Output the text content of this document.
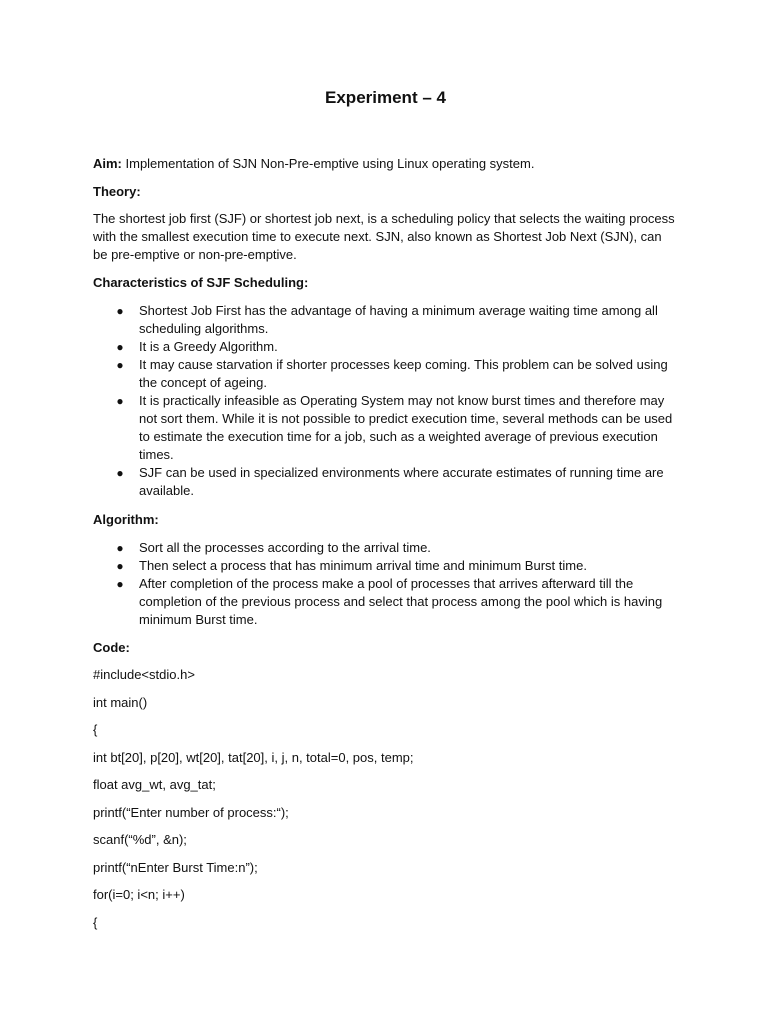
Experiment – 4

Aim: Implementation of SJN Non-Pre-emptive using Linux operating system.

Theory:

The shortest job first (SJF) or shortest job next, is a scheduling policy that selects the waiting process with the smallest execution time to execute next. SJN, also known as Shortest Job Next (SJN), can be pre-emptive or non-pre-emptive.

Characteristics of SJF Scheduling:

● Shortest Job First has the advantage of having a minimum average waiting time among all scheduling algorithms.
● It is a Greedy Algorithm.
● It may cause starvation if shorter processes keep coming. This problem can be solved using the concept of ageing.
● It is practically infeasible as Operating System may not know burst times and therefore may not sort them. While it is not possible to predict execution time, several methods can be used to estimate the execution time for a job, such as a weighted average of previous execution times.
● SJF can be used in specialized environments where accurate estimates of running time are available.

Algorithm:

● Sort all the processes according to the arrival time.
● Then select a process that has minimum arrival time and minimum Burst time.
● After completion of the process make a pool of processes that arrives afterward till the completion of the previous process and select that process among the pool which is having minimum Burst time.

Code:

#include<stdio.h>

int main()

{

int bt[20], p[20], wt[20], tat[20], i, j, n, total=0, pos, temp;

float avg_wt, avg_tat;

printf(“Enter number of process:“);

scanf(“%d”, &n);

printf(“nEnter Burst Time:n”);

for(i=0; i<n; i++)

{
